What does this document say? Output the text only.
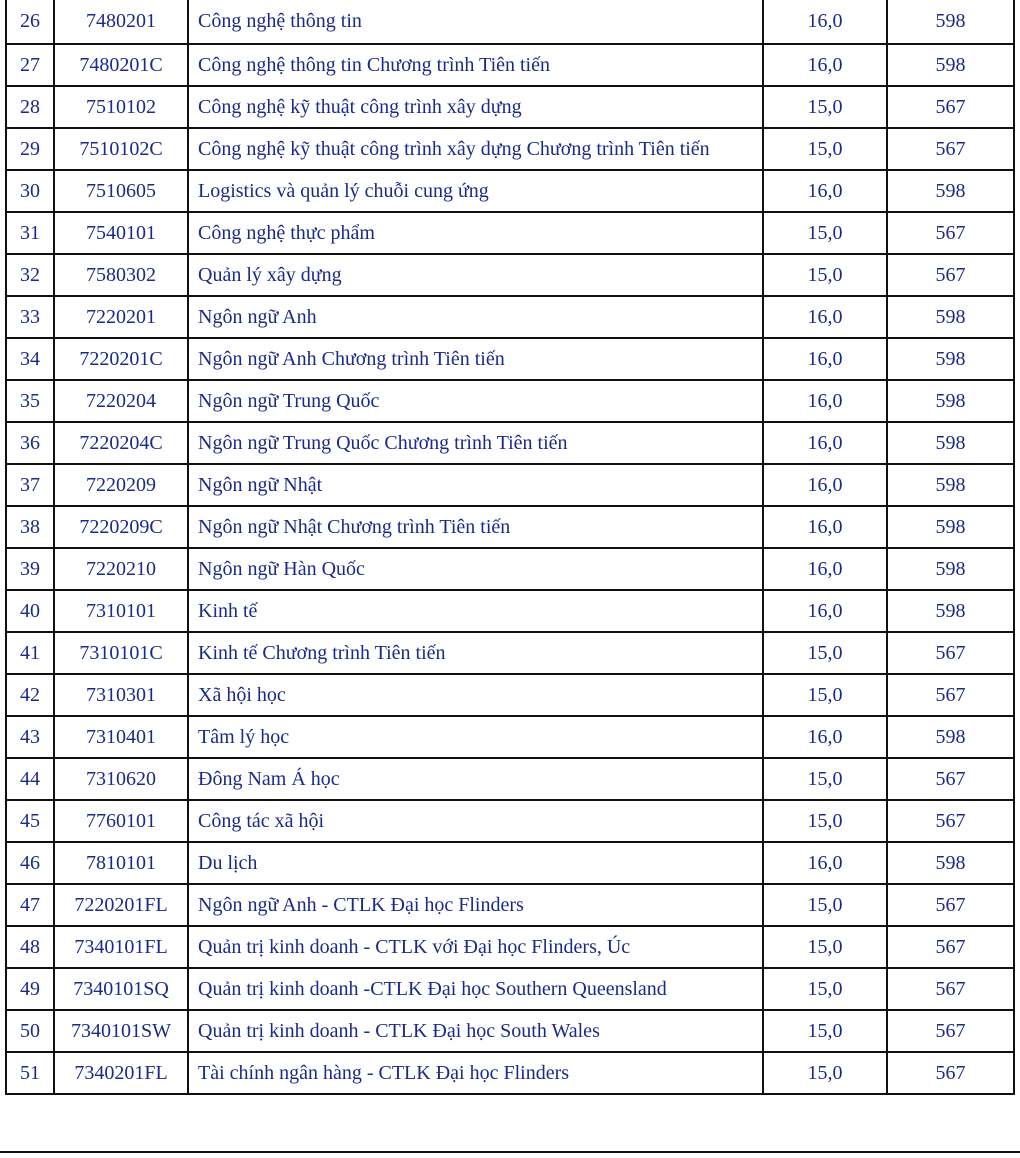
26	7480201	Công nghệ thông tin	16,0	598
27	7480201C	Công nghệ thông tin Chương trình Tiên tiến	16,0	598
28	7510102	Công nghệ kỹ thuật công trình xây dựng	15,0	567
29	7510102C	Công nghệ kỹ thuật công trình xây dựng Chương trình Tiên tiến	15,0	567
30	7510605	Logistics và quản lý chuỗi cung ứng	16,0	598
31	7540101	Công nghệ thực phẩm	15,0	567
32	7580302	Quản lý xây dựng	15,0	567
33	7220201	Ngôn ngữ Anh	16,0	598
34	7220201C	Ngôn ngữ Anh Chương trình Tiên tiến	16,0	598
35	7220204	Ngôn ngữ Trung Quốc	16,0	598
36	7220204C	Ngôn ngữ Trung Quốc Chương trình Tiên tiến	16,0	598
37	7220209	Ngôn ngữ Nhật	16,0	598
38	7220209C	Ngôn ngữ Nhật Chương trình Tiên tiến	16,0	598
39	7220210	Ngôn ngữ Hàn Quốc	16,0	598
40	7310101	Kinh tế	16,0	598
41	7310101C	Kinh tế Chương trình Tiên tiến	15,0	567
42	7310301	Xã hội học	15,0	567
43	7310401	Tâm lý học	16,0	598
44	7310620	Đông Nam Á học	15,0	567
45	7760101	Công tác xã hội	15,0	567
46	7810101	Du lịch	16,0	598
47	7220201FL	Ngôn ngữ Anh - CTLK Đại học Flinders	15,0	567
48	7340101FL	Quản trị kinh doanh - CTLK với Đại học Flinders, Úc	15,0	567
49	7340101SQ	Quản trị kinh doanh -CTLK Đại học Southern Queensland	15,0	567
50	7340101SW	Quản trị kinh doanh - CTLK Đại học South Wales	15,0	567
51	7340201FL	Tài chính ngân hàng - CTLK Đại học Flinders	15,0	567
